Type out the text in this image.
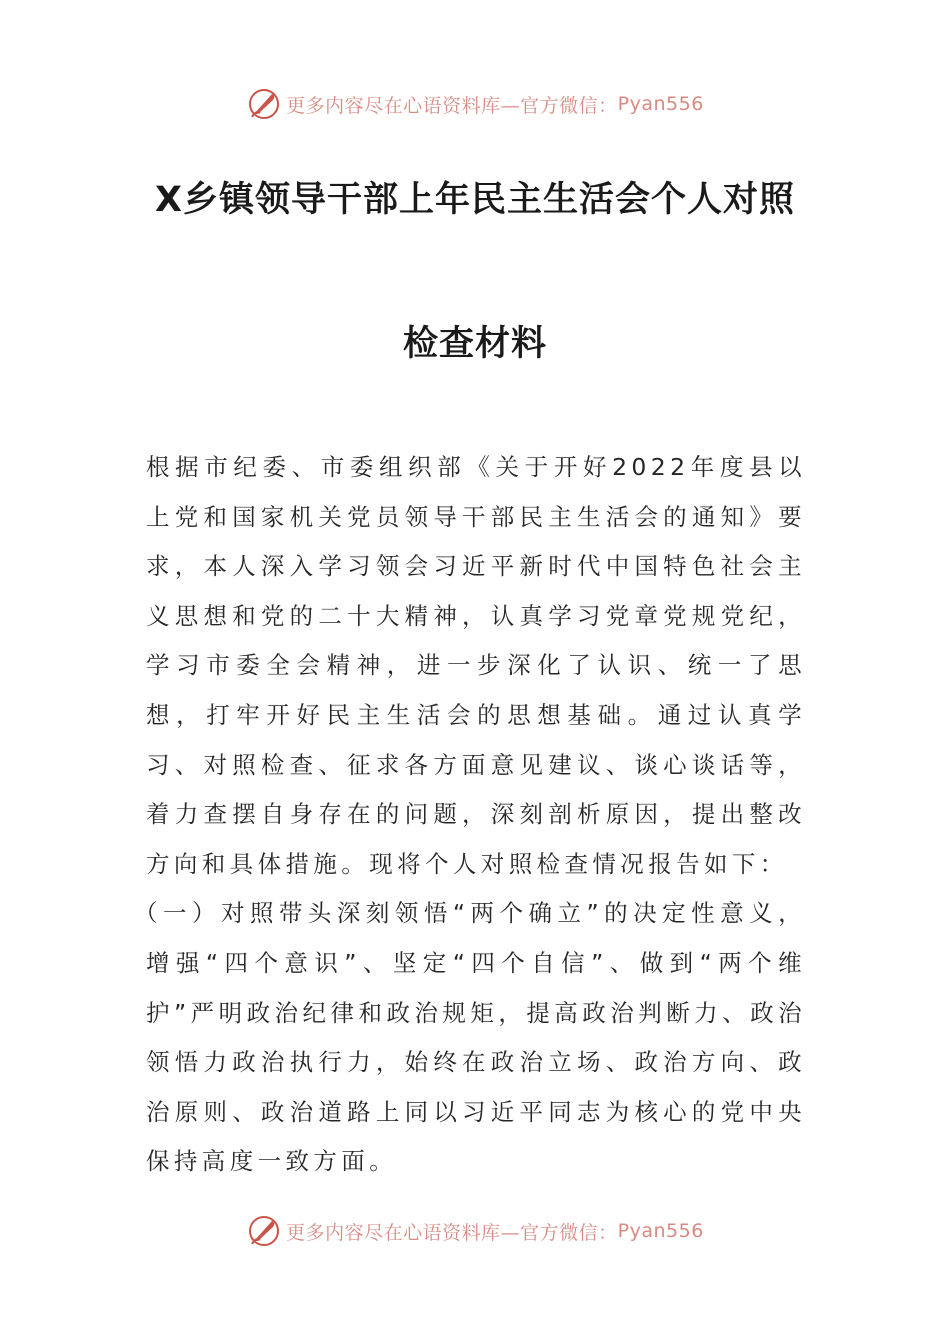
更多内容尽在心语资料库—官方微信： Pyan556
X乡镇领导干部上年民主生活会个人对照
检查材料

根据市纪委、市委组织部《关于开好2022年度县以上党和国家机关党员领导干部民主生活会的通知》要求，本人深入学习领会习近平新时代中国特色社会主义思想和党的二十大精神，认真学习党章党规党纪，学习市委全会精神，进一步深化了认识、统一了思想，打牢开好民主生活会的思想基础。通过认真学习、对照检查、征求各方面意见建议、谈心谈话等，着力查摆自身存在的问题，深刻剖析原因，提出整改方向和具体措施。现将个人对照检查情况报告如下：

（一）对照带头深刻领悟“两个确立”的决定性意义，增强“四个意识”、坚定“四个自信”、做到“两个维护”严明政治纪律和政治规矩，提高政治判断力、政治领悟力政治执行力，始终在政治立场、政治方向、政治原则、政治道路上同以习近平同志为核心的党中央保持高度一致方面。

更多内容尽在心语资料库—官方微信： Pyan556
